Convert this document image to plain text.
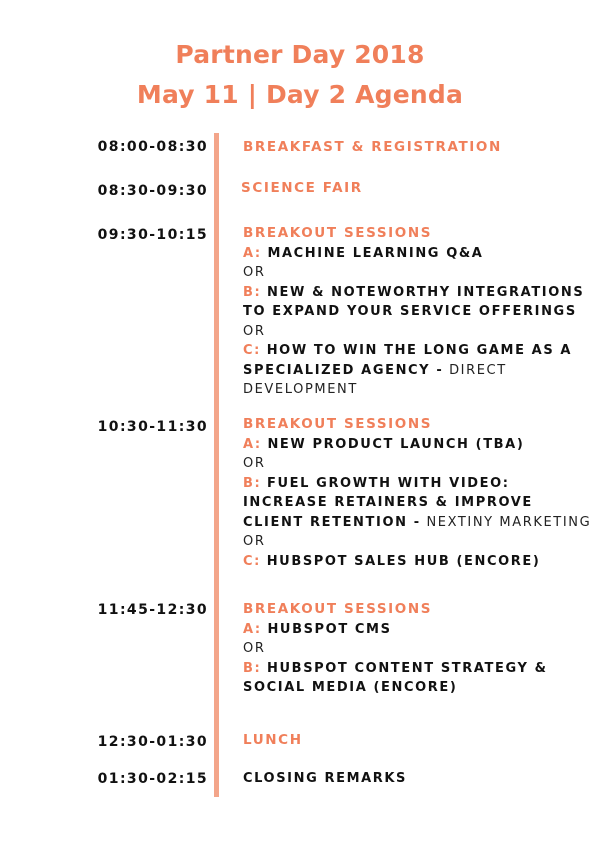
Partner Day 2018
May 11 | Day 2 Agenda
08:00-08:30	BREAKFAST & REGISTRATION
08:30-09:30 SCIENCE FAIR
09:30-10:15	BREAKOUT SESSIONS
A: MACHINE LEARNING Q&A
OR
B: NEW & NOTEWORTHY INTEGRATIONS TO EXPAND YOUR SERVICE OFFERINGS
OR
C: HOW TO WIN THE LONG GAME AS A SPECIALIZED AGENCY - DIRECT DEVELOPMENT
10:30-11:30	BREAKOUT SESSIONS
A: NEW PRODUCT LAUNCH (TBA)
OR
B: FUEL GROWTH WITH VIDEO: INCREASE RETAINERS & IMPROVE CLIENT RETENTION - NEXTINY MARKETING
OR
C: HUBSPOT SALES HUB (ENCORE)
11:45-12:30	BREAKOUT SESSIONS
A: HUBSPOT CMS
OR
B: HUBSPOT CONTENT STRATEGY & SOCIAL MEDIA (ENCORE)
12:30-01:30	LUNCH
01:30-02:15	CLOSING REMARKS
